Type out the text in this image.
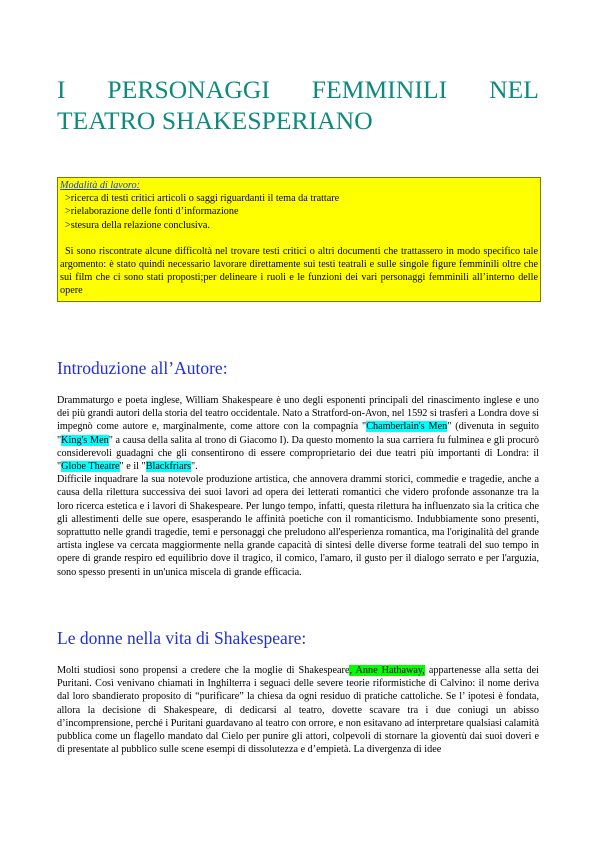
I PERSONAGGI FEMMINILI NEL
TEATRO SHAKESPERIANO
Modalità di lavoro:
>ricerca di testi critici articoli o saggi riguardanti il tema da trattare
>rielaborazione delle fonti d’informazione
>stesura della relazione conclusiva.
Si sono riscontrate alcune difficoltà nel trovare testi critici o altri documenti che trattassero in modo specifico tale argomento: è stato quindi necessario lavorare direttamente sui testi teatrali e sulle singole figure femminili oltre che sui film che ci sono stati proposti;per delineare i ruoli e le funzioni dei vari personaggi femminili all’interno delle opere
Introduzione all’Autore:

Drammaturgo e poeta inglese, William Shakespeare è uno degli esponenti principali del rinascimento inglese e uno dei più grandi autori della storia del teatro occidentale. Nato a Stratford-on-Avon, nel 1592 si trasferì a Londra dove si impegnò come autore e, marginalmente, come attore con la compagnia "Chamberlain's Men" (divenuta in seguito "King's Men" a causa della salita al trono di Giacomo I). Da questo momento la sua carriera fu fulminea e gli procurò considerevoli guadagni che gli consentirono di essere comproprietario dei due teatri più importanti di Londra: il "Globe Theatre" e il "Blackfriars".

Difficile inquadrare la sua notevole produzione artistica, che annovera drammi storici, commedie e tragedie, anche a causa della rilettura successiva dei suoi lavori ad opera dei letterati romantici che videro profonde assonanze tra la loro ricerca estetica e i lavori di Shakespeare. Per lungo tempo, infatti, questa rilettura ha influenzato sia la critica che gli allestimenti delle sue opere, esasperando le affinità poetiche con il romanticismo. Indubbiamente sono presenti, soprattutto nelle grandi tragedie, temi e personaggi che preludono all'esperienza romantica, ma l'originalità del grande artista inglese va cercata maggiormente nella grande capacità di sintesi delle diverse forme teatrali del suo tempo in opere di grande respiro ed equilibrio dove il tragico, il comico, l'amaro, il gusto per il dialogo serrato e per l'arguzia, sono spesso presenti in un'unica miscela di grande efficacia.

Le donne nella vita di Shakespeare:

Molti studiosi sono propensi a credere che la moglie di Shakespeare, Anne Hathaway, appartenesse alla setta dei Puritani. Così venivano chiamati in Inghilterra i seguaci delle severe teorie riformistiche di Calvino: il nome deriva dal loro sbandierato proposito di “purificare” la chiesa da ogni residuo di pratiche cattoliche. Se l’ ipotesi è fondata, allora la decisione di Shakespeare, di dedicarsi al teatro, dovette scavare tra i due coniugi un abisso d’incomprensione, perché i Puritani guardavano al teatro con orrore, e non esitavano ad interpretare qualsiasi calamità pubblica come un flagello mandato dal Cielo per punire gli attori, colpevoli di stornare la gioventù dai suoi doveri e di presentate al pubblico sulle scene esempi di dissolutezza e d’empietà. La divergenza di idee
